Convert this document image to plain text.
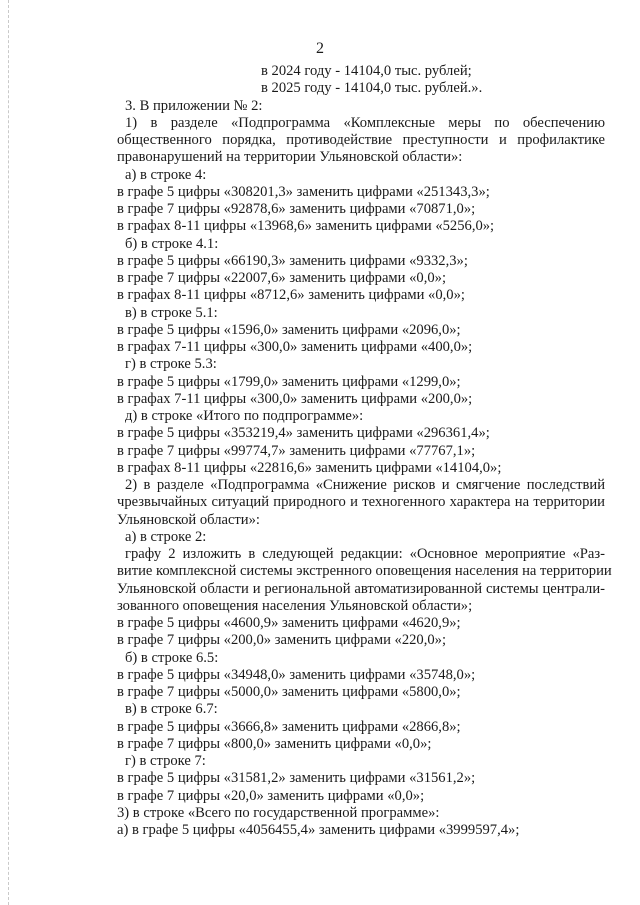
2
в 2024 году - 14104,0 тыс. рублей;
в 2025 году - 14104,0 тыс. рублей.».
3. В приложении № 2:
1) в разделе «Подпрограмма «Комплексные меры по обеспечению
общественного порядка, противодействие преступности и профилактике
правонарушений на территории Ульяновской области»:
а) в строке 4:
в графе 5 цифры «308201,3» заменить цифрами «251343,3»;
в графе 7 цифры «92878,6» заменить цифрами «70871,0»;
в графах 8-11 цифры «13968,6» заменить цифрами «5256,0»;
б) в строке 4.1:
в графе 5 цифры «66190,3» заменить цифрами «9332,3»;
в графе 7 цифры «22007,6» заменить цифрами «0,0»;
в графах 8-11 цифры «8712,6» заменить цифрами «0,0»;
в) в строке 5.1:
в графе 5 цифры «1596,0» заменить цифрами «2096,0»;
в графах 7-11 цифры «300,0» заменить цифрами «400,0»;
г) в строке 5.3:
в графе 5 цифры «1799,0» заменить цифрами «1299,0»;
в графах 7-11 цифры «300,0» заменить цифрами «200,0»;
д) в строке «Итого по подпрограмме»:
в графе 5 цифры «353219,4» заменить цифрами «296361,4»;
в графе 7 цифры «99774,7» заменить цифрами «77767,1»;
в графах 8-11 цифры «22816,6» заменить цифрами «14104,0»;
2) в разделе «Подпрограмма «Снижение рисков и смягчение последствий
чрезвычайных ситуаций природного и техногенного характера на территории
Ульяновской области»:
а) в строке 2:
графу 2 изложить в следующей редакции: «Основное мероприятие «Раз-
витие комплексной системы экстренного оповещения населения на территории
Ульяновской области и региональной автоматизированной системы централи-
зованного оповещения населения Ульяновской области»;
в графе 5 цифры «4600,9» заменить цифрами «4620,9»;
в графе 7 цифры «200,0» заменить цифрами «220,0»;
б) в строке 6.5:
в графе 5 цифры «34948,0» заменить цифрами «35748,0»;
в графе 7 цифры «5000,0» заменить цифрами «5800,0»;
в) в строке 6.7:
в графе 5 цифры «3666,8» заменить цифрами «2866,8»;
в графе 7 цифры «800,0» заменить цифрами «0,0»;
г) в строке 7:
в графе 5 цифры «31581,2» заменить цифрами «31561,2»;
в графе 7 цифры «20,0» заменить цифрами «0,0»;
3) в строке «Всего по государственной программе»:
а) в графе 5 цифры «4056455,4» заменить цифрами «3999597,4»;
